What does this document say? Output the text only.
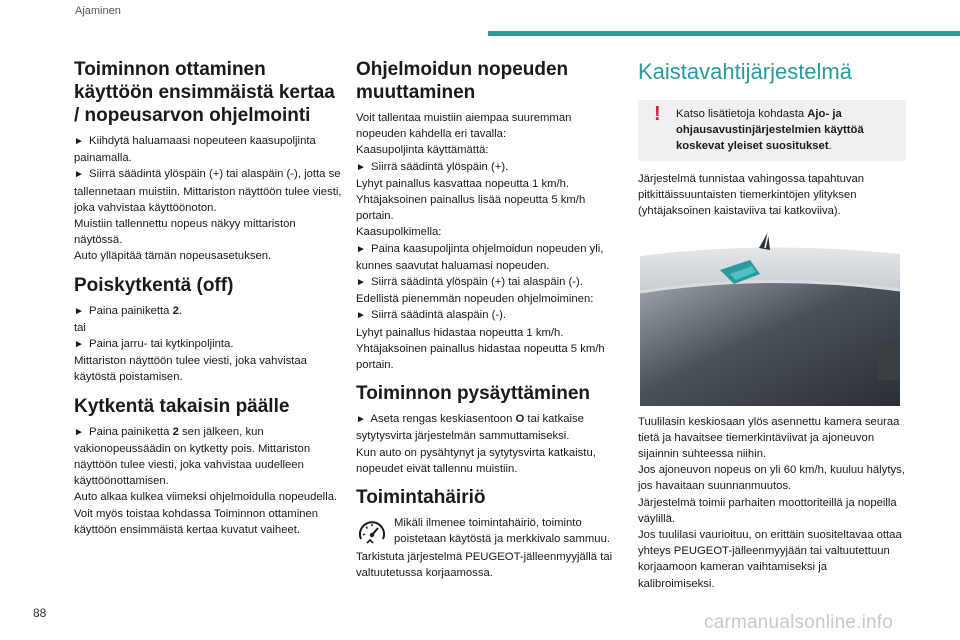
Ajaminen
Toiminnon ottaminen käyttöön ensimmäistä kertaa / nopeusarvon ohjelmointi

► Kiihdytä haluamaasi nopeuteen kaasupoljinta painamalla.

► Siirrä säädintä ylöspäin (+) tai alaspäin (-), jotta se tallennetaan muistiin. Mittariston näyttöön tulee viesti, joka vahvistaa käyttöönoton.

Muistiin tallennettu nopeus näkyy mittariston näytössä.

Auto ylläpitää tämän nopeusasetuksen.

Poiskytkentä (off)

► Paina painiketta 2.

tai

► Paina jarru- tai kytkinpoljinta.

Mittariston näyttöön tulee viesti, joka vahvistaa käytöstä poistamisen.

Kytkentä takaisin päälle

► Paina painiketta 2 sen jälkeen, kun vakionopeussäädin on kytketty pois. Mittariston näyttöön tulee viesti, joka vahvistaa uudelleen käyttöönottamisen.

Auto alkaa kulkea viimeksi ohjelmoidulla nopeudella.

Voit myös toistaa kohdassa Toiminnon ottaminen käyttöön ensimmäistä kertaa kuvatut vaiheet.

Ohjelmoidun nopeuden muuttaminen

Voit tallentaa muistiin aiempaa suuremman nopeuden kahdella eri tavalla:

Kaasupoljinta käyttämättä:

► Siirrä säädintä ylöspäin (+).

Lyhyt painallus kasvattaa nopeutta 1 km/h.

Yhtäjaksoinen painallus lisää nopeutta 5 km/h portain.

Kaasupolkimella:

► Paina kaasupoljinta ohjelmoidun nopeuden yli, kunnes saavutat haluamasi nopeuden.

► Siirrä säädintä ylöspäin (+) tai alaspäin (-).

Edellistä pienemmän nopeuden ohjelmoiminen:

► Siirrä säädintä alaspäin (-).

Lyhyt painallus hidastaa nopeutta 1 km/h.

Yhtäjaksoinen painallus hidastaa nopeutta 5 km/h portain.

Toiminnon pysäyttäminen

► Aseta rengas keskiasentoon O tai katkaise sytytysvirta järjestelmän sammuttamiseksi.

Kun auto on pysähtynyt ja sytytysvirta katkaistu, nopeudet eivät tallennu muistiin.

Toimintahäiriö

Mikäli ilmenee toimintahäiriö, toiminto poistetaan käytöstä ja merkkivalo sammuu.

Tarkistuta järjestelmä PEUGEOT-jälleenmyyjällä tai valtuutetussa korjaamossa.

Kaistavahtijärjestelmä
!	Katso lisätietoja kohdasta Ajo- ja ohjausavustinjärjestelmien käyttöä koskevat yleiset suositukset.

Järjestelmä tunnistaa vahingossa tapahtuvan pitkittäissuuntaisten tiemerkintöjen ylityksen (yhtäjaksoinen kaistaviiva tai katkoviiva).

Tuulilasin keskiosaan ylös asennettu kamera seuraa tietä ja havaitsee tiemerkintäviivat ja ajoneuvon sijainnin suhteessa niihin.

Jos ajoneuvon nopeus on yli 60 km/h, kuuluu hälytys, jos havaitaan suunnanmuutos.

Järjestelmä toimii parhaiten moottoriteillä ja nopeilla väylillä.

Jos tuulilasi vaurioituu, on erittäin suositeltavaa ottaa yhteys PEUGEOT-jälleenmyyjään tai valtuutettuun korjaamoon kameran vaihtamiseksi ja kalibroimiseksi.

88	carmanualsonline.info
